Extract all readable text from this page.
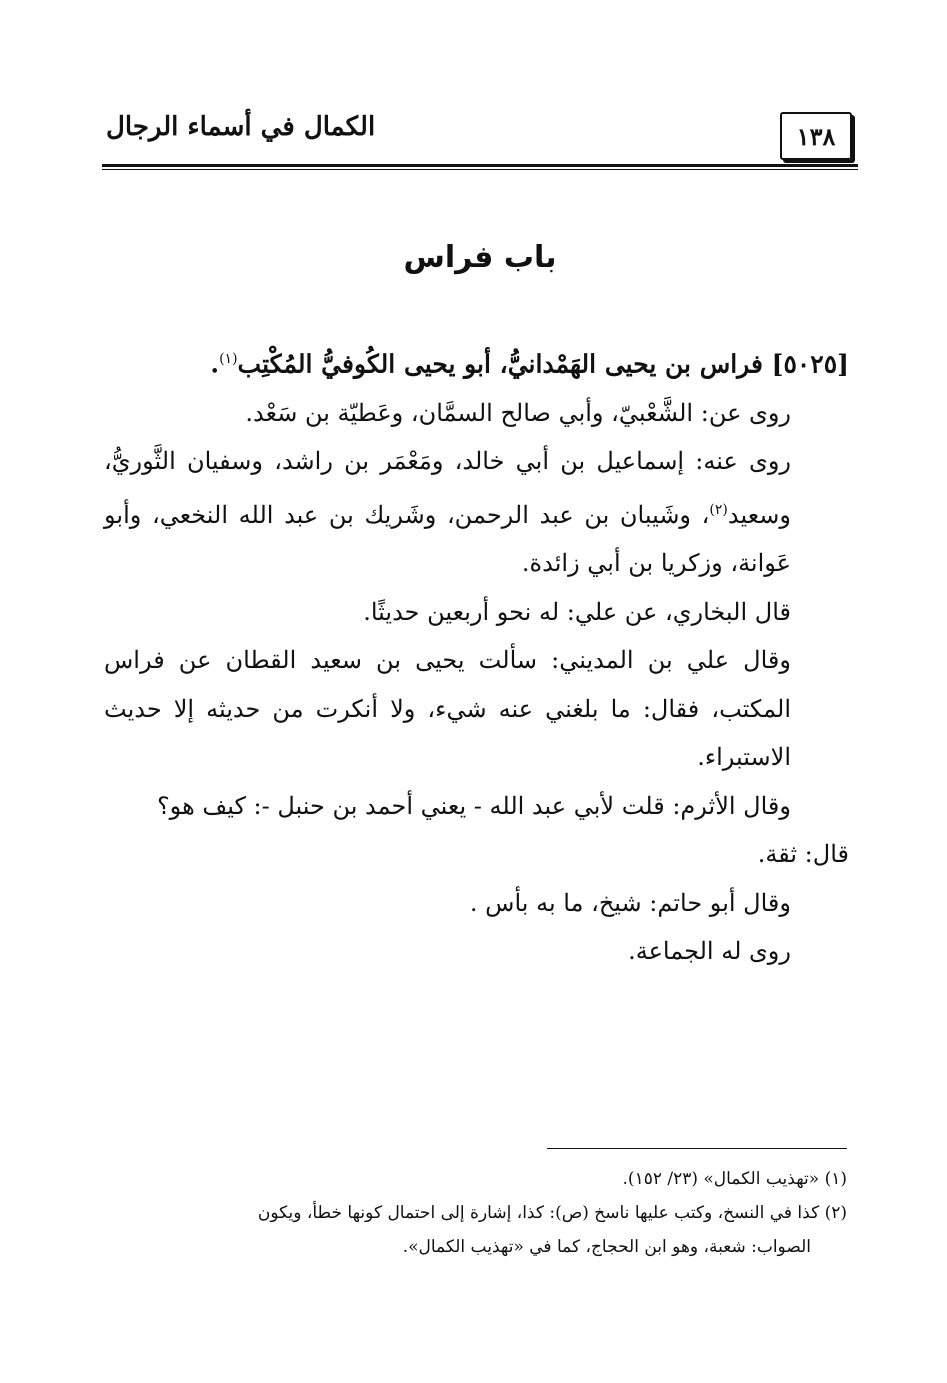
١٣٨
الكمال في أسماء الرجال
باب فراس

[٥٠٢٥] فراس بن يحيى الهَمْدانيُّ، أبو يحيى الكُوفيُّ المُكْتِب$^{(١)}$.

روى عن: الشَّعْبيّ، وأبي صالح السمَّان، وعَطيّة بن سَعْد.

روى عنه: إسماعيل بن أبي خالد، ومَعْمَر بن راشد، وسفيان الثَّوريُّ، وسعيد$^{(٢)}$، وشَيبان بن عبد الرحمن، وشَريك بن عبد الله النخعي، وأبو عَوانة، وزكريا بن أبي زائدة.

قال البخاري، عن علي: له نحو أربعين حديثًا.

وقال علي بن المديني: سألت يحيى بن سعيد القطان عن فراس المكتب، فقال: ما بلغني عنه شيء، ولا أنكرت من حديثه إلا حديث الاستبراء.

وقال الأثرم: قلت لأبي عبد الله - يعني أحمد بن حنبل -: كيف هو؟

قال: ثقة.

وقال أبو حاتم: شيخ، ما به بأس .

روى له الجماعة.

(١) «تهذيب الكمال» (٢٣/ ١٥٢).

(٢) كذا في النسخ، وكتب عليها ناسخ (ص): كذا، إشارة إلى احتمال كونها خطأ، ويكون

الصواب: شعبة، وهو ابن الحجاج، كما في «تهذيب الكمال».
